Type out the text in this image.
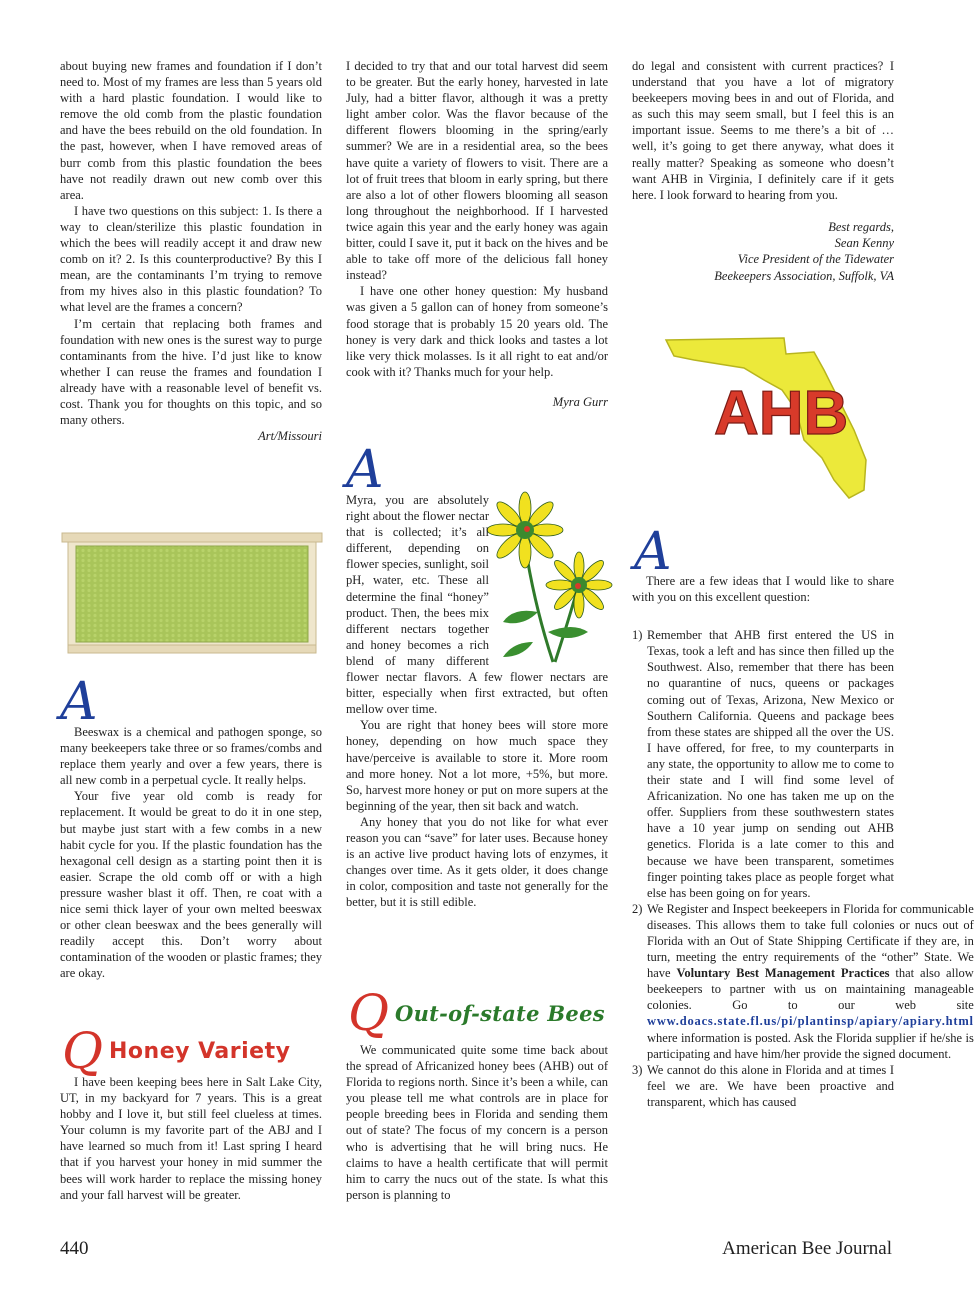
about buying new frames and foundation if I don’t need to. Most of my frames are less than 5 years old with a hard plastic foundation. I would like to remove the old comb from the plastic foundation and have the bees rebuild on the old foundation. In the past, however, when I have removed areas of burr comb from this plastic foundation the bees have not readily drawn out new comb over this area.

I have two questions on this subject: 1. Is there a way to clean/sterilize this plastic foundation in which the bees will readily accept it and draw new comb on it? 2. Is this counterproductive? By this I mean, are the contaminants I’m trying to remove from my hives also in this plastic foundation? To what level are the frames a concern?

I’m certain that replacing both frames and foundation with new ones is the surest way to purge contaminants from the hive. I’d just like to know whether I can reuse the frames and foundation I already have with a reasonable level of benefit vs. cost. Thank you for thoughts on this topic, and so many others.

Art/Missouri

A

Beeswax is a chemical and pathogen sponge, so many beekeepers take three or so frames/combs and replace them yearly and over a few years, there is all new comb in a perpetual cycle. It really helps.

Your five year old comb is ready for replacement. It would be great to do it in one step, but maybe just start with a few combs in a new habit cycle for you. If the plastic foundation has the hexagonal cell design as a starting point then it is easier. Scrape the old comb off or with a high pressure washer blast it off. Then, re coat with a nice semi thick layer of your own melted beeswax or other clean beeswax and the bees generally will readily accept this. Don’t worry about contamination of the wooden or plastic frames; they are okay.

Q Honey Variety

I have been keeping bees here in Salt Lake City, UT, in my backyard for 7 years. This is a great hobby and I love it, but still feel clueless at times. Your column is my favorite part of the ABJ and I have learned so much from it! Last spring I heard that if you harvest your honey in mid summer the bees will work harder to replace the missing honey and your fall harvest will be greater.

I decided to try that and our total harvest did seem to be greater. But the early honey, harvested in late July, had a bitter flavor, although it was a pretty light amber color. Was the flavor because of the different flowers blooming in the spring/early summer? We are in a residential area, so the bees have quite a variety of flowers to visit. There are a lot of fruit trees that bloom in early spring, but there are also a lot of other flowers blooming all season long throughout the neighborhood. If I harvested twice again this year and the early honey was again bitter, could I save it, put it back on the hives and be able to take off more of the delicious fall honey instead?

I have one other honey question: My husband was given a 5 gallon can of honey from someone’s food storage that is probably 15 20 years old. The honey is very dark and thick looks and tastes a lot like very thick molasses. Is it all right to eat and/or cook with it? Thanks much for your help.

Myra Gurr

A

Myra, you are absolutely right about the flower nectar that is collected; it’s all different, depending on flower species, sunlight, soil pH, water, etc. These all determine the final “honey” product. Then, the bees mix different nectars together and honey becomes a rich blend of many different flower nectar flavors. A few flower nectars are bitter, especially when first extracted, but often mellow over time.

You are right that honey bees will store more honey, depending on how much space they have/perceive is available to store it. More room and more honey. Not a lot more, +5%, but more. So, harvest more honey or put on more supers at the beginning of the year, then sit back and watch.

Any honey that you do not like for what ever reason you can “save” for later uses. Because honey is an active live product having lots of enzymes, it changes over time. As it gets older, it does change in color, composition and taste not generally for the better, but it is still edible.

Q Out-of-state Bees

We communicated quite some time back about the spread of Africanized honey bees (AHB) out of Florida to regions north. Since it’s been a while, can you please tell me what controls are in place for people breeding bees in Florida and sending them out of state? The focus of my concern is a person who is advertising that he will bring nucs. He claims to have a health certificate that will permit him to carry the nucs out of the state. Is what this person is planning to

do legal and consistent with current practices? I understand that you have a lot of migratory beekeepers moving bees in and out of Florida, and as such this may seem small, but I feel this is an important issue. Seems to me there’s a bit of …well, it’s going to get there anyway, what does it really matter? Speaking as someone who doesn’t want AHB in Virginia, I definitely care if it gets here. I look forward to hearing from you.

Best regards,
Sean Kenny
Vice President of the Tidewater
Beekeepers Association, Suffolk, VA
AHB
A

There are a few ideas that I would like to share with you on this excellent question:

1) Remember that AHB first entered the US in Texas, took a left and has since then filled up the Southwest. Also, remember that there has been no quarantine of nucs, queens or packages coming out of Texas, Arizona, New Mexico or Southern California. Queens and package bees from these states are shipped all the over the US. I have offered, for free, to my counterparts in any state, the opportunity to allow me to come to their state and I will find some level of Africanization. No one has taken me up on the offer. Suppliers from these southwestern states have a 10 year jump on sending out AHB genetics. Florida is a late comer to this and because we have been transparent, sometimes finger pointing takes place as people forget what else has been going on for years.
2) We Register and Inspect beekeepers in Florida for communicable diseases. This allows them to take full colonies or nucs out of Florida with an Out of State Shipping Certificate if they are, in turn, meeting the entry requirements of the “other” State. We have Voluntary Best Management Practices that also allow beekeepers to partner with us on maintaining manageable colonies. Go to our web site www.doacs.state.fl.us/pi/plantinsp/apiary/apiary.html where information is posted. Ask the Florida supplier if he/she is participating and have him/her provide the signed document.
3) We cannot do this alone in Florida and at times I feel we are. We have been proactive and transparent, which has caused
440	American Bee Journal
